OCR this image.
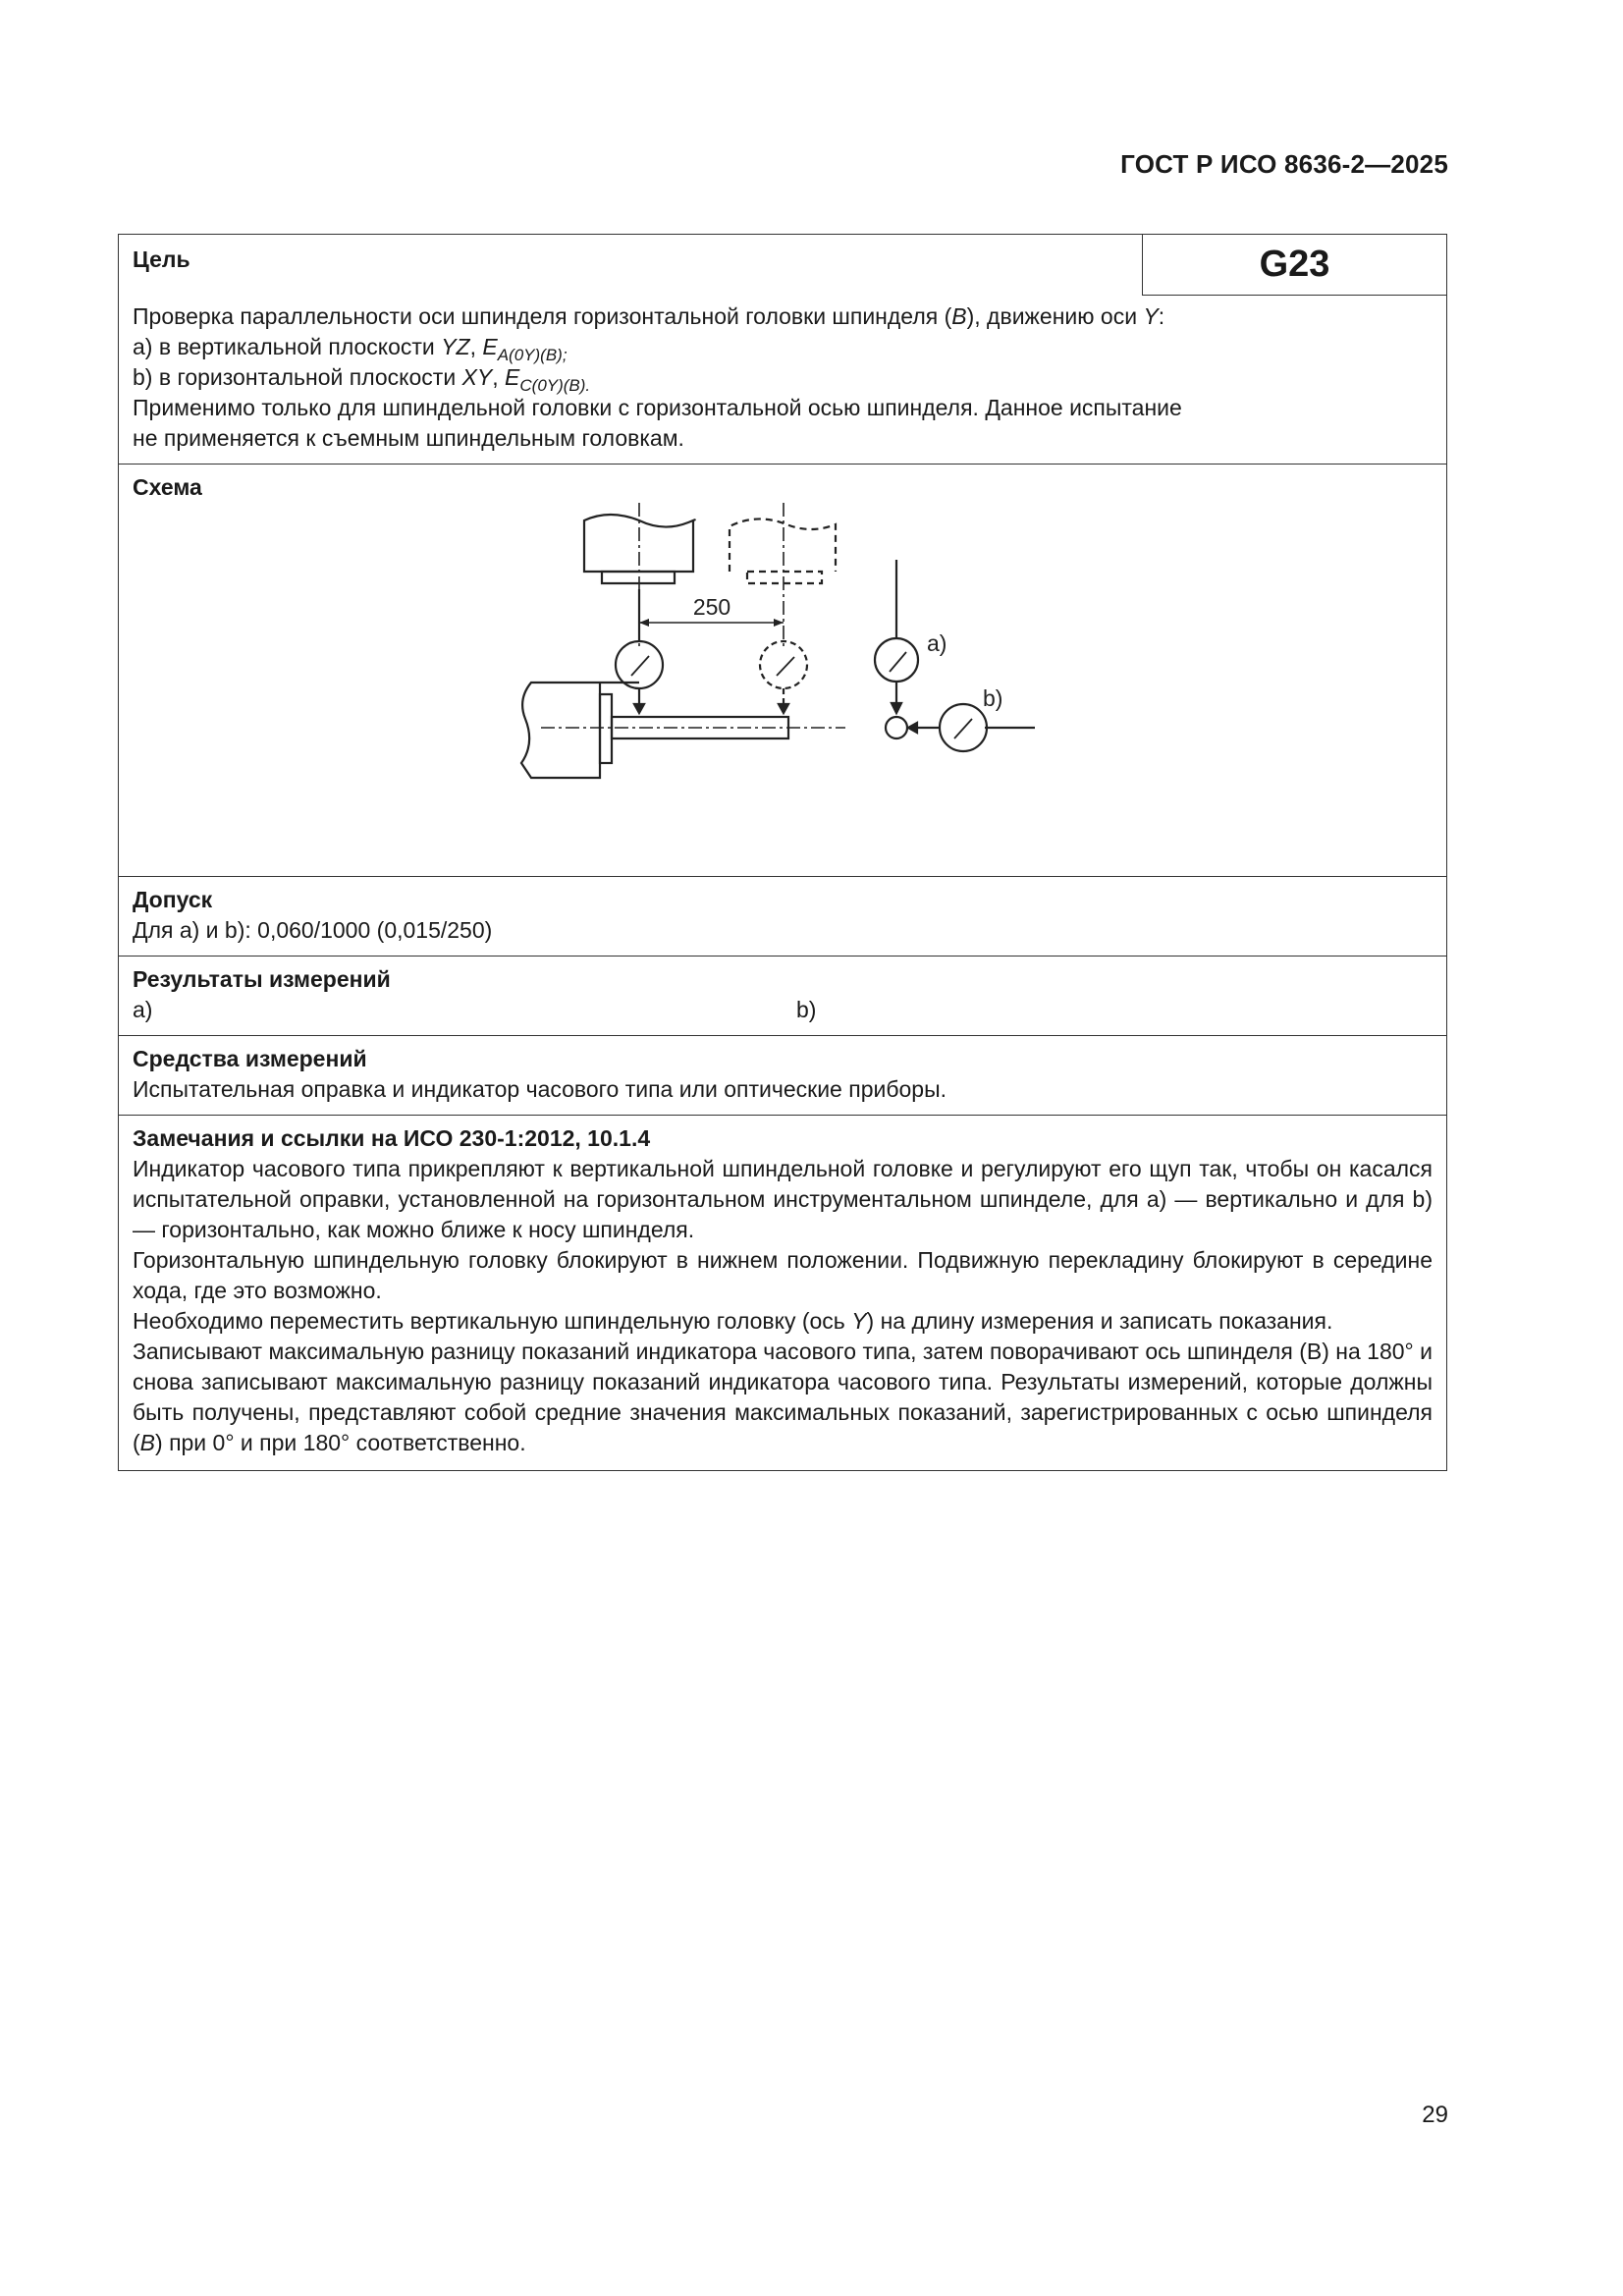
ГОСТ Р ИСО 8636-2—2025
Цель	G23
Проверка параллельности оси шпинделя горизонтальной головки шпинделя (B), движению оси Y:
a) в вертикальной плоскости YZ, $E_{A(0Y)(B);}$
b) в горизонтальной плоскости XY, $E_{C(0Y)(B).}$
Применимо только для шпиндельной головки с горизонтальной осью шпинделя. Данное испытание
не применяется к съемным шпиндельным головкам.
Схема
250
a)
b)
Допуск
Для a) и b): 0,060/1000 (0,015/250)
Результаты измерений
a)	b)
Средства измерений
Испытательная оправка и индикатор часового типа или оптические приборы.
Замечания и ссылки на ИСО 230-1:2012, 10.1.4
Индикатор часового типа прикрепляют к вертикальной шпиндельной головке и регулируют его щуп так, чтобы он касался испытательной оправки, установленной на горизонтальном инструментальном шпинделе, для a) — вертикально и для b) — горизонтально, как можно ближе к носу шпинделя.
Горизонтальную шпиндельную головку блокируют в нижнем положении. Подвижную перекладину блокируют в середине хода, где это возможно.
Необходимо переместить вертикальную шпиндельную головку (ось Y) на длину измерения и записать показания.
Записывают максимальную разницу показаний индикатора часового типа, затем поворачивают ось шпинделя (B) на 180° и снова записывают максимальную разницу показаний индикатора часового типа. Результаты измерений, которые должны быть получены, представляют собой средние значения максимальных показаний, зарегистрированных с осью шпинделя (B) при 0° и при 180° соответственно.
29
